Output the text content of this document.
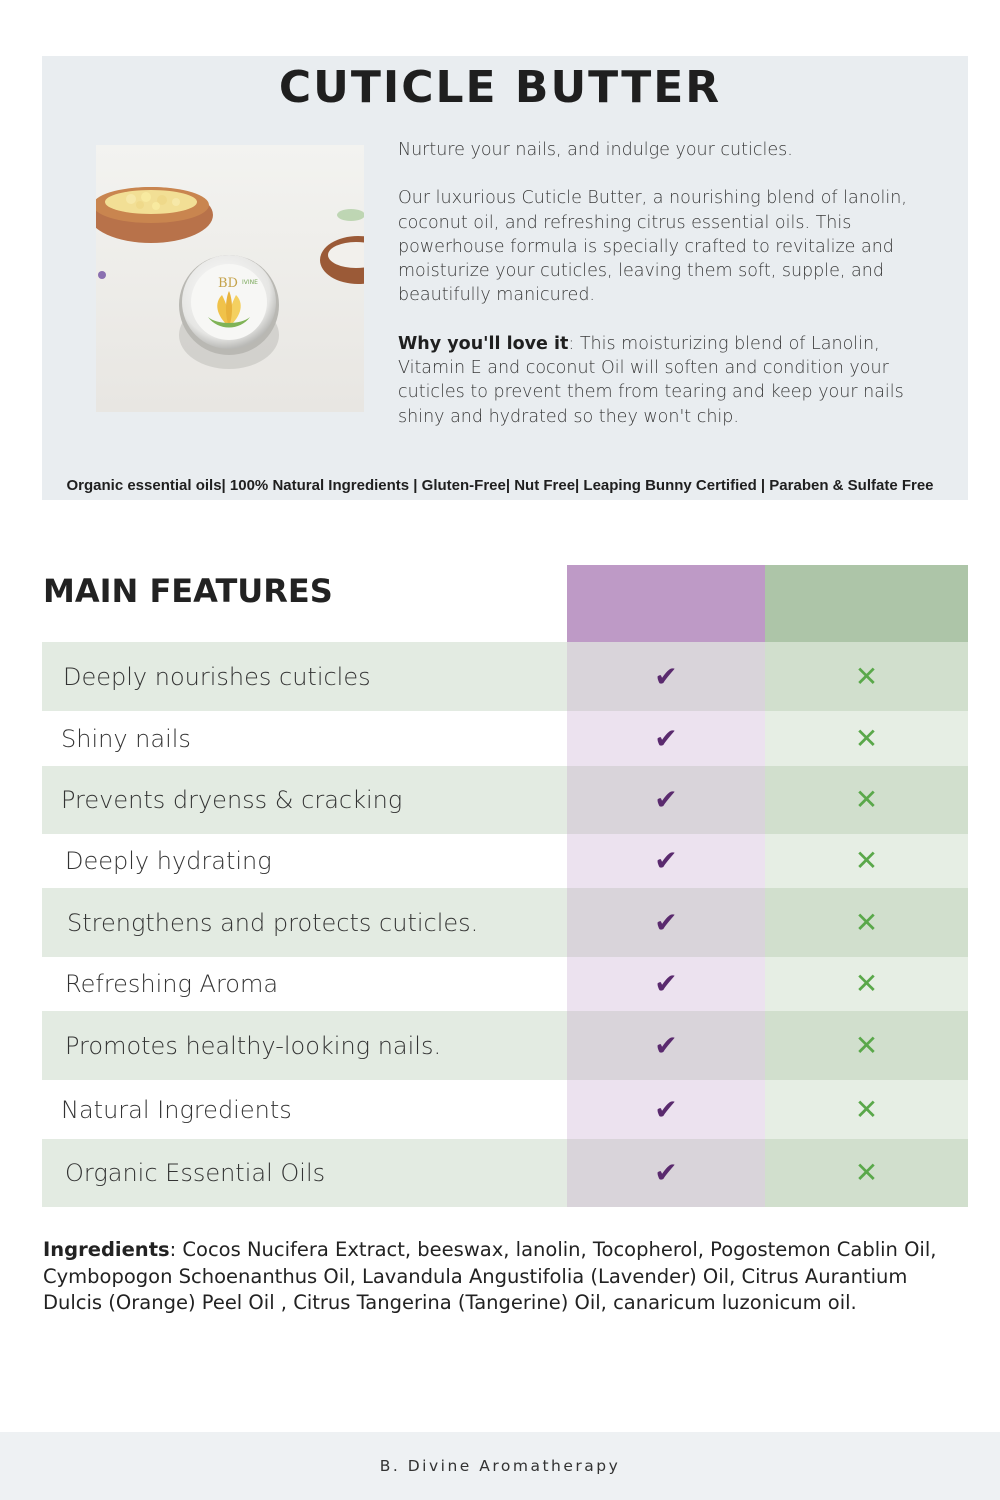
CUTICLE BUTTER
BD IVINE

Nurture your nails, and indulge your cuticles.

Our luxurious Cuticle Butter, a nourishing blend of lanolin, coconut oil, and refreshing citrus essential oils. This powerhouse formula is specially crafted to revitalize and moisturize your cuticles, leaving them soft, supple, and beautifully manicured.

Why you'll love it: This moisturizing blend of Lanolin, Vitamin E and coconut Oil will soften and condition your cuticles to prevent them from tearing and keep your nails shiny and hydrated so they won't chip.

Organic essential oils| 100% Natural Ingredients | Gluten-Free| Nut Free| Leaping Bunny Certified | Paraben & Sulfate Free
MAIN FEATURES
Deeply nourishes cuticles	✔	✕
Shiny nails	✔	✕
Prevents dryenss & cracking	✔	✕
Deeply hydrating	✔	✕
Strengthens and protects cuticles.	✔	✕
Refreshing Aroma	✔	✕
Promotes healthy-looking nails.	✔	✕
Natural Ingredients	✔	✕
Organic Essential Oils	✔	✕
Ingredients: Cocos Nucifera Extract, beeswax, lanolin, Tocopherol, Pogostemon Cablin Oil, Cymbopogon Schoenanthus Oil, Lavandula Angustifolia (Lavender) Oil, Citrus Aurantium Dulcis (Orange) Peel Oil , Citrus Tangerina (Tangerine) Oil, canaricum luzonicum oil.
B. Divine Aromatherapy
